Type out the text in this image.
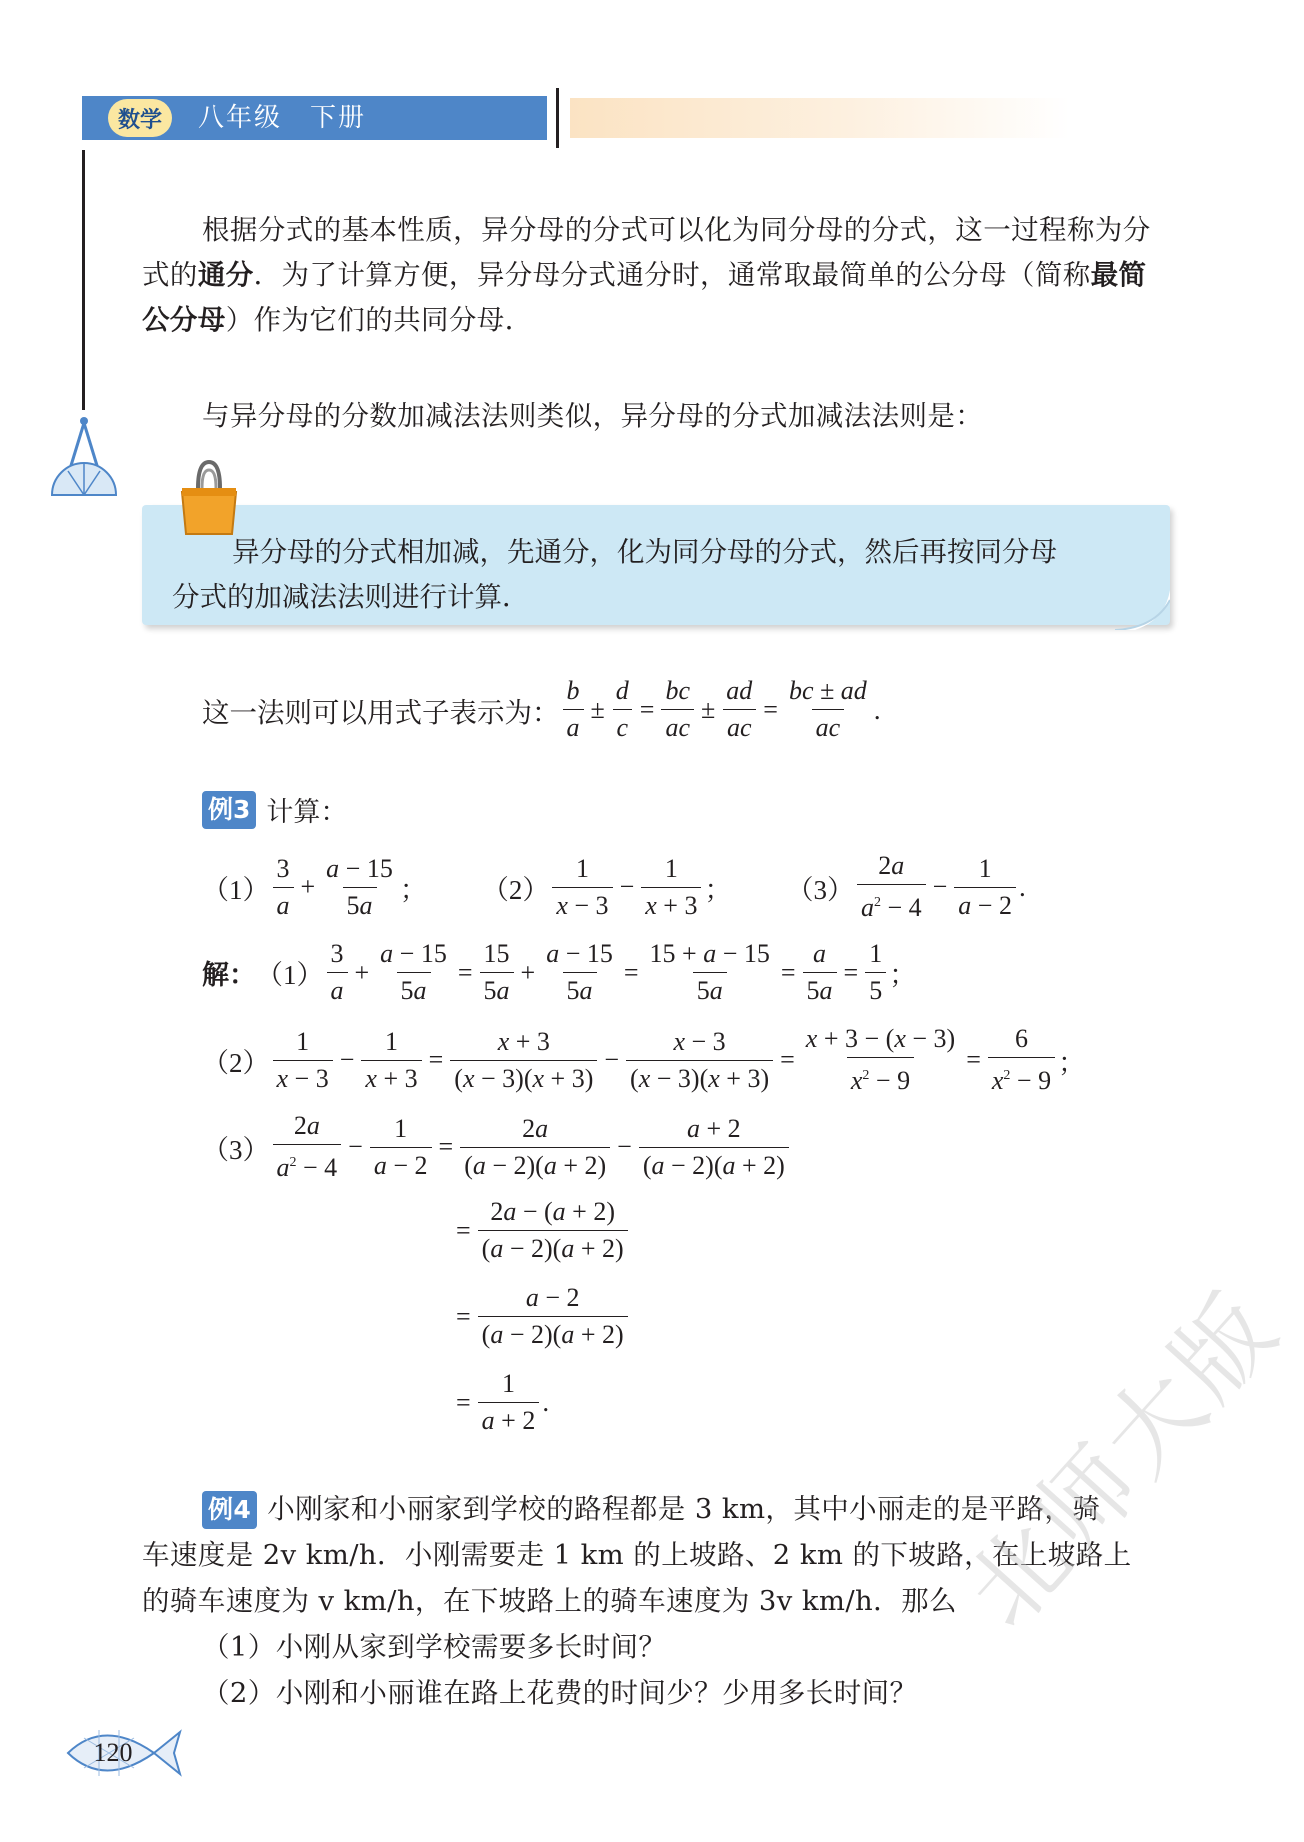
数学	八年级 下册
根据分式的基本性质，异分母的分式可以化为同分母的分式，这一过程称为分式的通分．为了计算方便，异分母分式通分时，通常取最简单的公分母（简称最简公分母）作为它们的共同分母．
与异分母的分数加减法法则类似，异分母的分式加减法法则是：
异分母的分式相加减，先通分，化为同分母的分式，然后再按同分母
分式的加减法法则进行计算．
这一法则可以用式子表示为： $\frac{b}{a} \pm \frac{d}{c} = \frac{bc}{ac} \pm \frac{ad}{ac} = \frac{bc \pm ad}{ac}$ .
例3 计算：
$(1) \frac{3}{a} + \frac{a - 15}{5a}$ ； $(2) \frac{1}{x - 3} - \frac{1}{x + 3}$ ； $(3) \frac{2a}{a^2 - 4} - \frac{1}{a - 2}$ .
解： $(1) \frac{3}{a} + \frac{a - 15}{5a} = \frac{15}{5a} + \frac{a - 15}{5a} = \frac{15 + a - 15}{5a} = \frac{a}{5a} = \frac{1}{5}$ ；
$(2) \frac{1}{x - 3} - \frac{1}{x + 3} = \frac{x + 3}{(x - 3)(x + 3)} - \frac{x - 3}{(x - 3)(x + 3)} = \frac{x + 3 - (x - 3)}{x^2 - 9} = \frac{6}{x^2 - 9}$ ；
$(3) \frac{2a}{a^2 - 4} - \frac{1}{a - 2} = \frac{2a}{(a - 2)(a + 2)} - \frac{a + 2}{(a - 2)(a + 2)}$
= $\frac{2a - (a + 2)}{(a - 2)(a + 2)}$
= $\frac{a - 2}{(a - 2)(a + 2)}$
= $\frac{1}{a + 2}$ .
例4 小刚家和小丽家到学校的路程都是 3 km，其中小丽走的是平路，骑
车速度是 2v km/h．小刚需要走 1 km 的上坡路、2 km 的下坡路，在上坡路上
的骑车速度为 v km/h，在下坡路上的骑车速度为 3v km/h．那么
（1）小刚从家到学校需要多长时间？
（2）小刚和小丽谁在路上花费的时间少？少用多长时间？
120
北师大版
